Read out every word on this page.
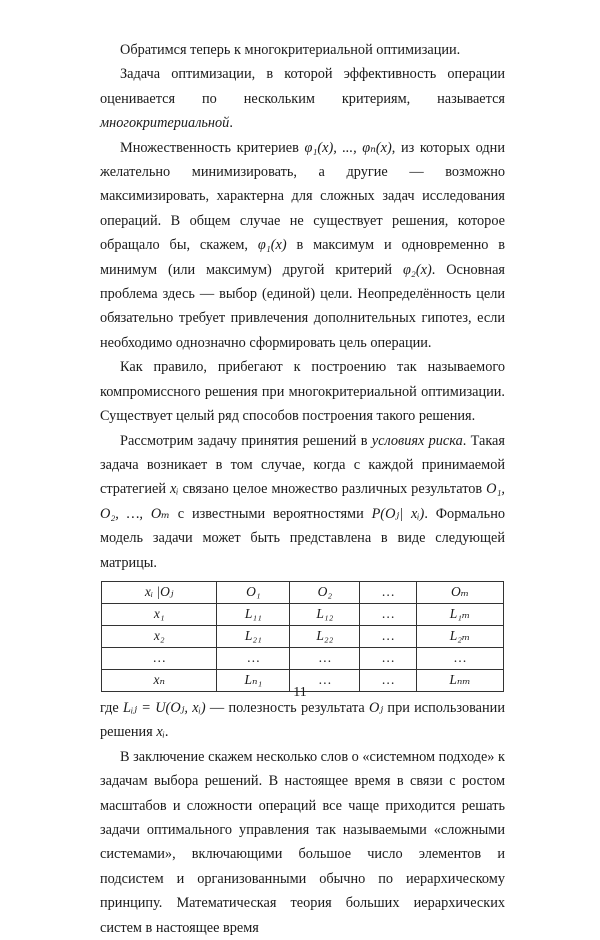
Обратимся теперь к многокритериальной оптимизации.

Задача оптимизации, в которой эффективность операции оценивается по нескольким критериям, называется многокритериальной.

Множественность критериев φ₁(x), ..., φₙ(x), из которых одни желательно минимизировать, а другие — возможно максимизировать, характерна для сложных задач исследования операций. В общем случае не существует решения, которое обращало бы, скажем, φ₁(x) в максимум и одновременно в минимум (или максимум) другой критерий φ₂(x). Основная проблема здесь — выбор (единой) цели. Неопределённость цели обязательно требует привлечения дополнительных гипотез, если необходимо однозначно сформировать цель операции.

Как правило, прибегают к построению так называемого компромиссного решения при многокритериальной оптимизации. Существует целый ряд способов построения такого решения.

Рассмотрим задачу принятия решений в условиях риска. Такая задача возникает в том случае, когда с каждой принимаемой стратегией xᵢ связано целое множество различных результатов O₁, O₂, …, Oₘ с известными вероятностями P(Oⱼ| xᵢ). Формально модель задачи может быть представлена в виде следующей матрицы.

xᵢ |Oⱼ	O₁	O₂	…	Oₘ
x₁	L₁₁	L₁₂	…	L₁ₘ
x₂	L₂₁	L₂₂	…	L₂ₘ
…	…	…	…	…
xₙ	Lₙ₁	…	…	Lₙₘ

где Lᵢⱼ = U(Oⱼ, xᵢ) — полезность результата Oⱼ при использовании решения xᵢ.

В заключение скажем несколько слов о «системном подходе» к задачам выбора решений. В настоящее время в связи с ростом масштабов и сложности операций все чаще приходится решать задачи оптимального управления так называемыми «сложными системами», включающими большое число элементов и подсистем и организованными обычно по иерархическому принципу. Математическая теория больших иерархических систем в настоящее время

11
